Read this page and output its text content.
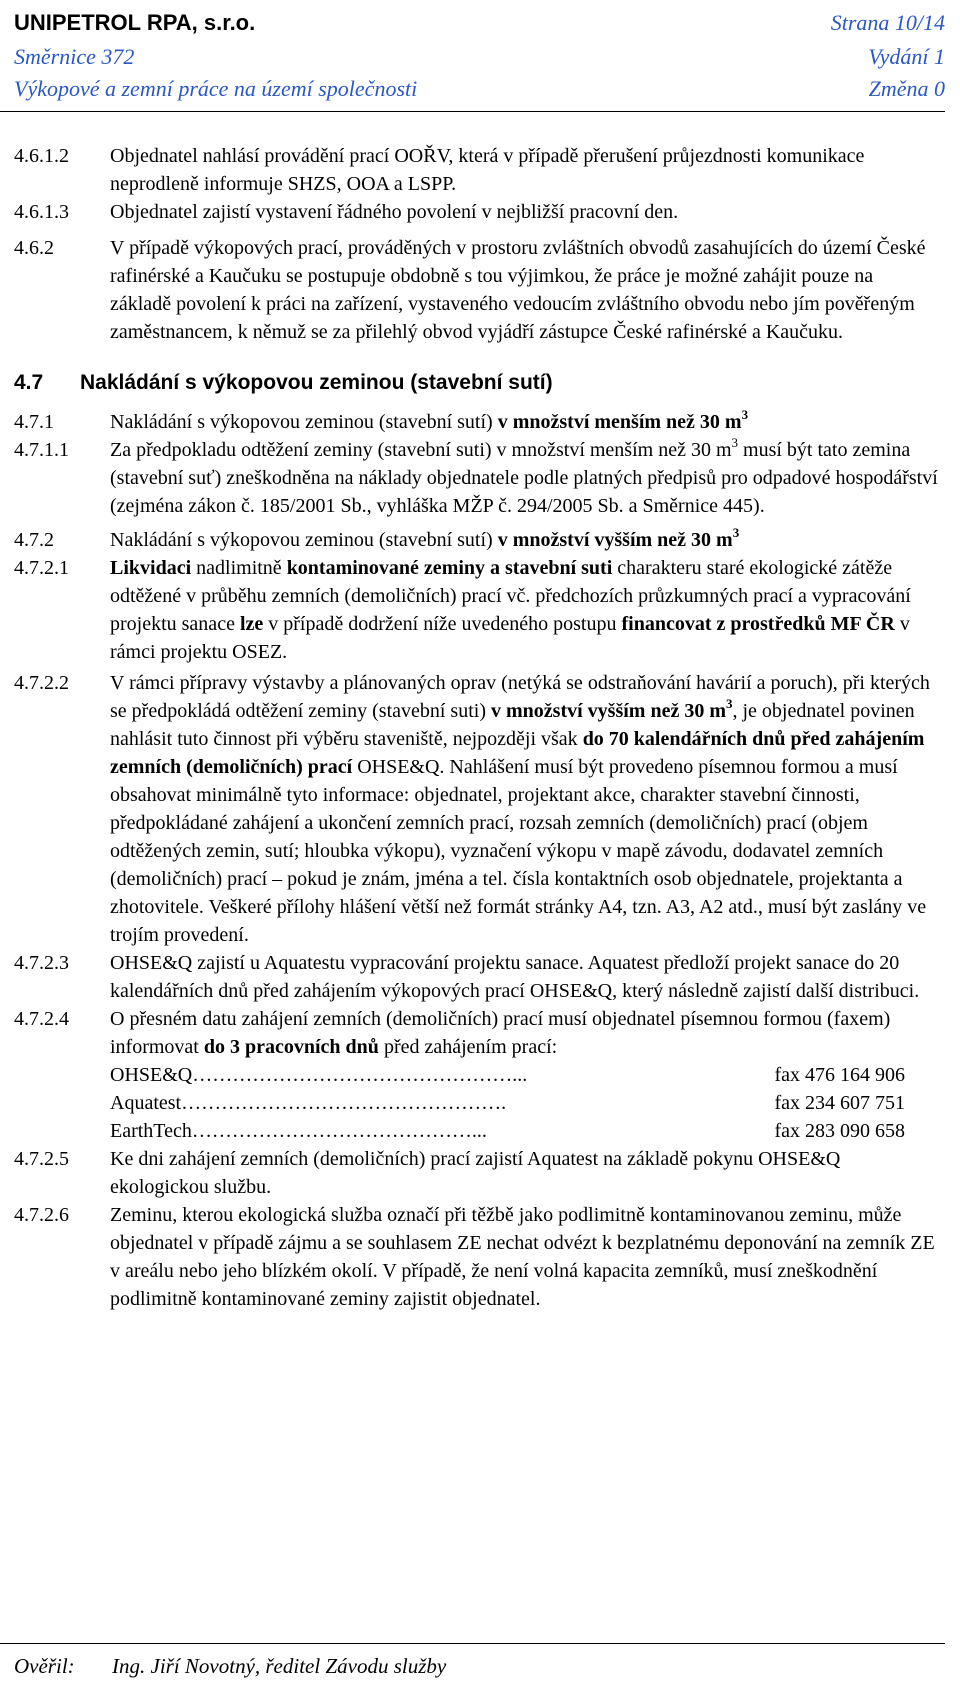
UNIPETROL RPA, s.r.o.	Strana 10/14
Směrnice 372	Vydání 1
Výkopové a zemní práce na území společnosti	Změna 0
4.6.1.2 Objednatel nahlásí provádění prací OOŘV, která v případě přerušení průjezdnosti komunikace neprodleně informuje SHZS, OOA a LSPP.
4.6.1.3 Objednatel zajistí vystavení řádného povolení v nejbližší pracovní den.
4.6.2	V případě výkopových prací, prováděných v prostoru zvláštních obvodů zasahujících do území České rafinérské a Kaučuku se postupuje obdobně s tou výjimkou, že práce je možné zahájit pouze na základě povolení k práci na zařízení, vystaveného vedoucím zvláštního obvodu nebo jím pověřeným zaměstnancem, k němuž se za přilehlý obvod vyjádří zástupce České rafinérské a Kaučuku.
4.7 Nakládání s výkopovou zeminou (stavební sutí)
4.7.1	Nakládání s výkopovou zeminou (stavební sutí) v množství menším než 30 $m^3$
4.7.1.1 Za předpokladu odtěžení zeminy (stavební suti) v množství menším než 30 $m^3$ musí být tato zemina (stavební suť) zneškodněna na náklady objednatele podle platných předpisů pro odpadové hospodářství (zejména zákon č. 185/2001 Sb., vyhláška MŽP č. 294/2005 Sb. a Směrnice 445).
4.7.2	Nakládání s výkopovou zeminou (stavební sutí) v množství vyšším než 30 $m^3$
4.7.2.1 Likvidaci nadlimitně kontaminované zeminy a stavební suti charakteru staré ekologické zátěže odtěžené v průběhu zemních (demoličních) prací vč. předchozích průzkumných prací a vypracování projektu sanace lze v případě dodržení níže uvedeného postupu financovat z prostředků MF ČR v rámci projektu OSEZ.
4.7.2.2 V rámci přípravy výstavby a plánovaných oprav (netýká se odstraňování havárií a poruch), při kterých se předpokládá odtěžení zeminy (stavební suti) v množství vyšším než 30 $m^3$, je objednatel povinen nahlásit tuto činnost při výběru staveniště, nejpozději však do 70 kalendářních dnů před zahájením zemních (demoličních) prací OHSE&Q. Nahlášení musí být provedeno písemnou formou a musí obsahovat minimálně tyto informace: objednatel, projektant akce, charakter stavební činnosti, předpokládané zahájení a ukončení zemních prací, rozsah zemních (demoličních) prací (objem odtěžených zemin, sutí; hloubka výkopu), vyznačení výkopu v mapě závodu, dodavatel zemních (demoličních) prací – pokud je znám, jména a tel. čísla kontaktních osob objednatele, projektanta a zhotovitele. Veškeré přílohy hlášení větší než formát stránky A4, tzn. A3, A2 atd., musí být zaslány ve trojím provedení.
4.7.2.3 OHSE&Q zajistí u Aquatestu vypracování projektu sanace. Aquatest předloží projekt sanace do 20 kalendářních dnů před zahájením výkopových prací OHSE&Q, který následně zajistí další distribuci.
4.7.2.4 O přesném datu zahájení zemních (demoličních) prací musí objednatel písemnou formou (faxem) informovat do 3 pracovních dnů před zahájením prací:
OHSE&Q …………………………………………...	fax 476 164 906
Aquatest ………………………………………….	fax 234 607 751
EarthTech ……………………………………...	fax 283 090 658
4.7.2.5 Ke dni zahájení zemních (demoličních) prací zajistí Aquatest na základě pokynu OHSE&Q ekologickou službu.
4.7.2.6 Zeminu, kterou ekologická služba označí při těžbě jako podlimitně kontaminovanou zeminu, může objednatel v případě zájmu a se souhlasem ZE nechat odvézt k bezplatnému deponování na zemník ZE v areálu nebo jeho blízkém okolí. V případě, že není volná kapacita zemníků, musí zneškodnění podlimitně kontaminované zeminy zajistit objednatel.
Ověřil: Ing. Jiří Novotný, ředitel Závodu služby
